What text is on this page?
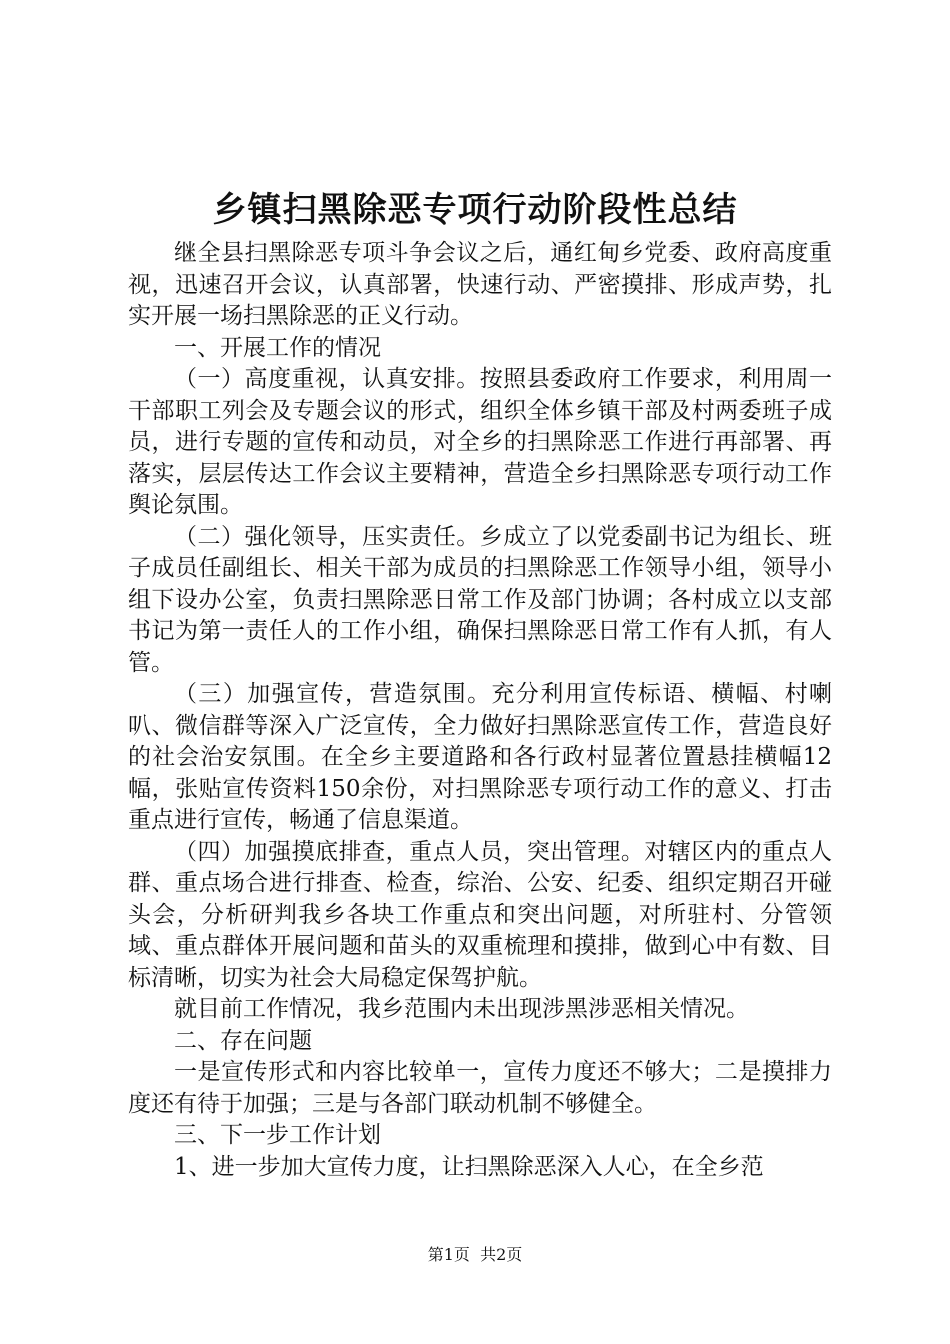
乡镇扫黑除恶专项行动阶段性总结

继全县扫黑除恶专项斗争会议之后，通红甸乡党委、政府高度重视，迅速召开会议，认真部署，快速行动、严密摸排、形成声势，扎实开展一场扫黑除恶的正义行动。

一、开展工作的情况

（一）高度重视，认真安排。按照县委政府工作要求，利用周一干部职工列会及专题会议的形式，组织全体乡镇干部及村两委班子成员，进行专题的宣传和动员，对全乡的扫黑除恶工作进行再部署、再落实，层层传达工作会议主要精神，营造全乡扫黑除恶专项行动工作舆论氛围。

（二）强化领导，压实责任。乡成立了以党委副书记为组长、班子成员任副组长、相关干部为成员的扫黑除恶工作领导小组，领导小组下设办公室，负责扫黑除恶日常工作及部门协调；各村成立以支部书记为第一责任人的工作小组，确保扫黑除恶日常工作有人抓，有人管。

（三）加强宣传，营造氛围。充分利用宣传标语、横幅、村喇叭、微信群等深入广泛宣传，全力做好扫黑除恶宣传工作，营造良好的社会治安氛围。在全乡主要道路和各行政村显著位置悬挂横幅12幅，张贴宣传资料150余份，对扫黑除恶专项行动工作的意义、打击重点进行宣传，畅通了信息渠道。

（四）加强摸底排查，重点人员，突出管理。对辖区内的重点人群、重点场合进行排查、检查，综治、公安、纪委、组织定期召开碰头会，分析研判我乡各块工作重点和突出问题，对所驻村、分管领域、重点群体开展问题和苗头的双重梳理和摸排，做到心中有数、目标清晰，切实为社会大局稳定保驾护航。

就目前工作情况，我乡范围内未出现涉黑涉恶相关情况。

二、存在问题

一是宣传形式和内容比较单一，宣传力度还不够大；二是摸排力度还有待于加强；三是与各部门联动机制不够健全。

三、下一步工作计划

1、进一步加大宣传力度，让扫黑除恶深入人心，在全乡范

第1页 共2页
